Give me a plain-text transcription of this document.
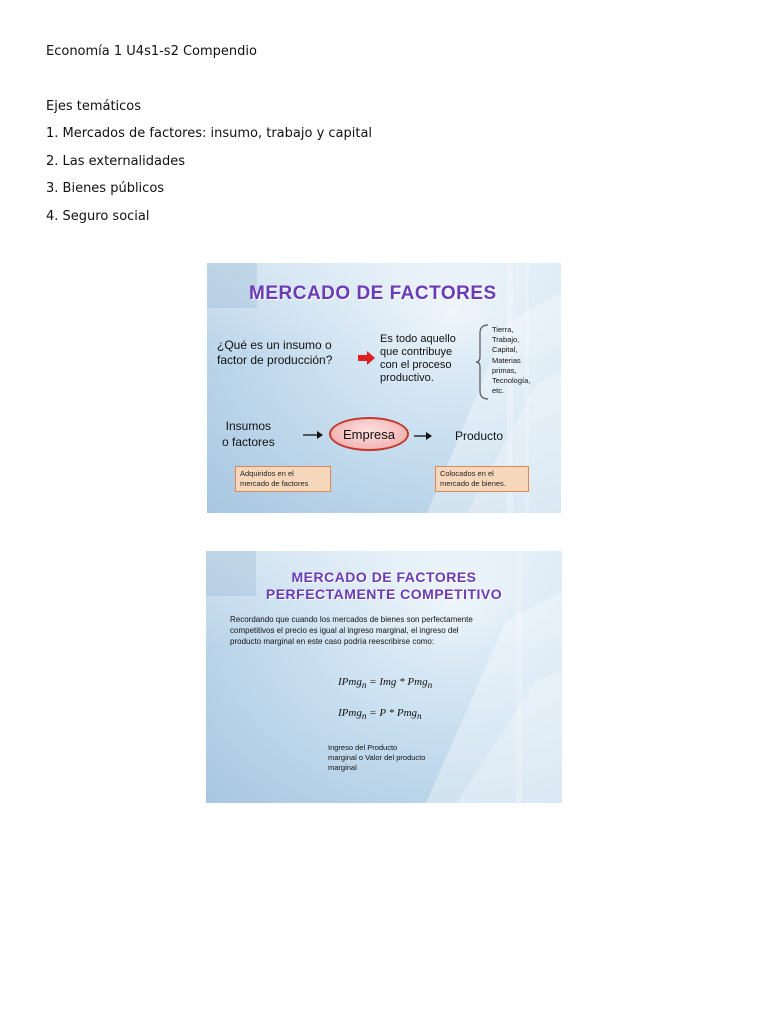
Economía 1 U4s1-s2 Compendio

Ejes temáticos

1. Mercados de factores: insumo, trabajo y capital

2. Las externalidades

3. Bienes públicos

4. Seguro social

MERCADO DE FACTORES
¿Qué es un insumo o
factor de producción?
Es todo aquello
que contribuye
con el proceso
productivo.
Tierra,
Trabajo,
Capital,
Materias
primas,
Tecnología,
etc.
Insumos
o factores
Empresa	Producto
Adquiridos en el
mercado de factores
Colocados en el
mercado de bienes.
MERCADO DE FACTORES
PERFECTAMENTE COMPETITIVO
Recordando que cuando los mercados de bienes son perfectamente
competitivos el precio es igual al ingreso marginal, el ingreso del
producto marginal en este caso podría reescribirse como:
IPmg$_n$ = Img * Pmg$_n$
IPmg$_n$ = P * Pmg$_n$
Ingreso del Producto
marginal o Valor del producto
marginal
